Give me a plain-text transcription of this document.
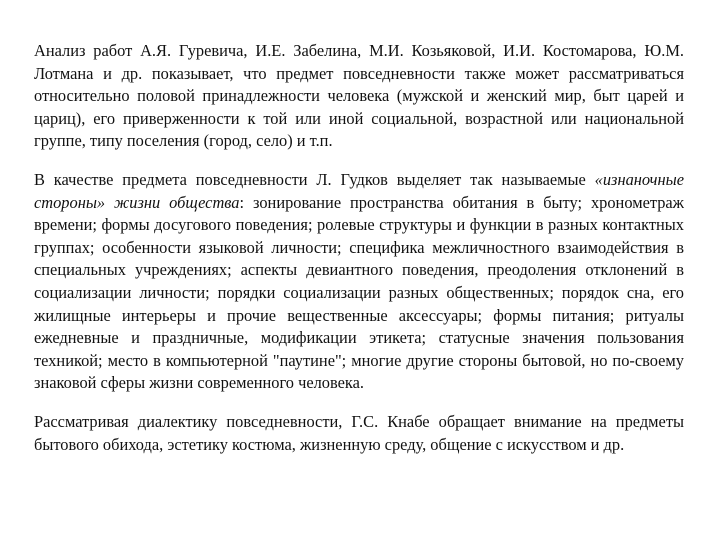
Анализ работ А.Я. Гуревича, И.Е. Забелина, М.И. Козьяковой, И.И. Костомарова, Ю.М. Лотмана и др. показывает, что предмет повседневности также может рассматриваться относительно половой принадлежности человека (мужской и женский мир, быт царей и цариц), его приверженности к той или иной социальной, возрастной или национальной группе, типу поселения (город, село) и т.п.

В качестве предмета повседневности Л. Гудков выделяет так называемые «изнаночные стороны» жизни общества: зонирование пространства обитания в быту; хронометраж времени; формы досугового поведения; ролевые структуры и функции в разных контактных группах; особенности языковой личности; специфика межличностного взаимодействия в специальных учреждениях; аспекты девиантного поведения, преодоления отклонений в социализации личности; порядки социализации разных общественных; порядок сна, его жилищные интерьеры и прочие вещественные аксессуары; формы питания; ритуалы ежедневные и праздничные, модификации этикета; статусные значения пользования техникой; место в компьютерной "паутине"; многие другие стороны бытовой, но по-своему знаковой сферы жизни современного человека.

Рассматривая диалектику повседневности, Г.С. Кнабе обращает внимание на предметы бытового обихода, эстетику костюма, жизненную среду, общение с искусством и др.
